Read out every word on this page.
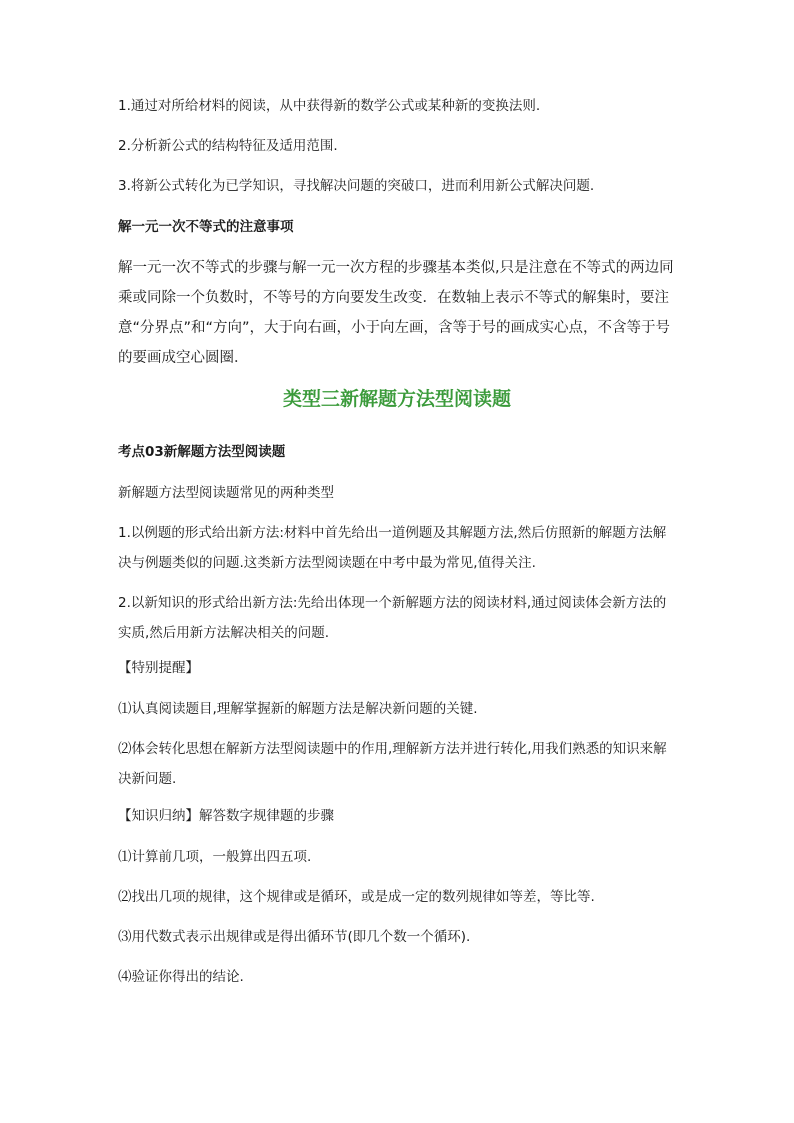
1.通过对所给材料的阅读，从中获得新的数学公式或某种新的变换法则.

2.分析新公式的结构特征及适用范围.

3.将新公式转化为已学知识，寻找解决问题的突破口，进而利用新公式解决问题.

解一元一次不等式的注意事项

解一元一次不等式的步骤与解一元一次方程的步骤基本类似,只是注意在不等式的两边同乘或同除一个负数时，不等号的方向要发生改变．在数轴上表示不等式的解集时，要注意“分界点”和“方向”，大于向右画，小于向左画，含等于号的画成实心点，不含等于号的要画成空心圆圈．

类型三新解题方法型阅读题

考点03新解题方法型阅读题

新解题方法型阅读题常见的两种类型

1.以例题的形式给出新方法:材料中首先给出一道例题及其解题方法,然后仿照新的解题方法解决与例题类似的问题.这类新方法型阅读题在中考中最为常见,值得关注.

2.以新知识的形式给出新方法:先给出体现一个新解题方法的阅读材料,通过阅读体会新方法的实质,然后用新方法解决相关的问题.

【特别提醒】

⑴认真阅读题目,理解掌握新的解题方法是解决新问题的关键.

⑵体会转化思想在解新方法型阅读题中的作用,理解新方法并进行转化,用我们熟悉的知识来解决新问题.

【知识归纳】解答数字规律题的步骤

⑴计算前几项，一般算出四五项.

⑵找出几项的规律，这个规律或是循环，或是成一定的数列规律如等差，等比等.

⑶用代数式表示出规律或是得出循环节(即几个数一个循环).

⑷验证你得出的结论.
